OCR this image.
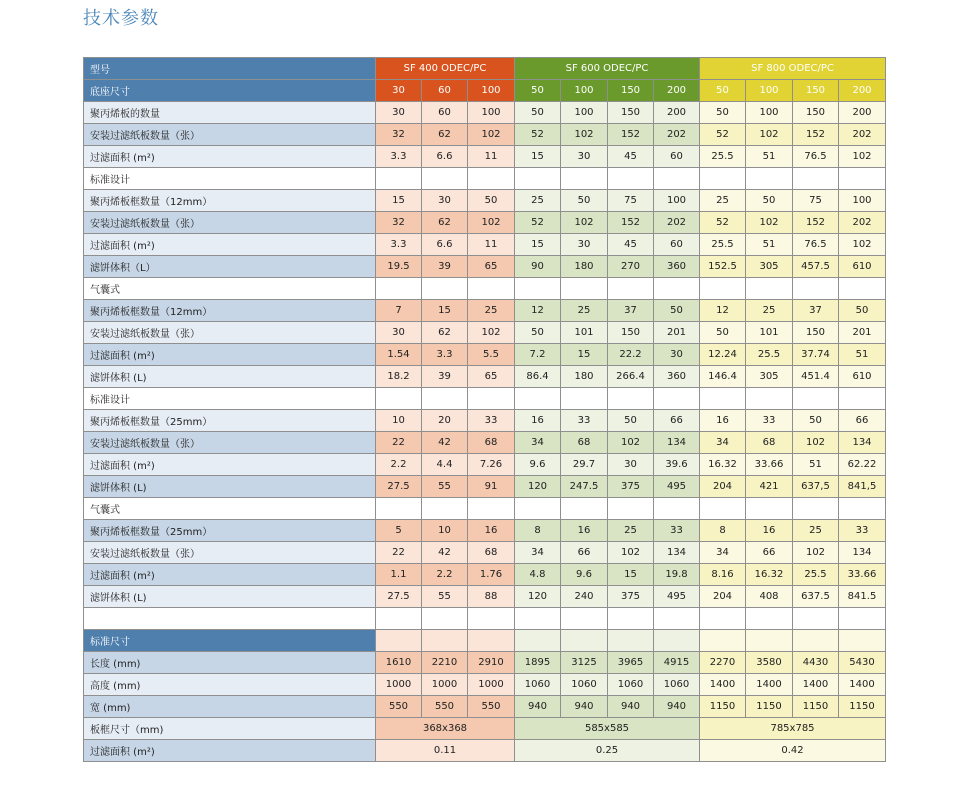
技术参数
型号	SF 400 ODEC/PC			SF 600 ODEC/PC				SF 800 ODEC/PC			
底座尺寸	30	60	100	50	100	150	200	50	100	150	200
聚丙烯板的数量	30	60	100	50	100	150	200	50	100	150	200
安装过滤纸板数量（张）	32	62	102	52	102	152	202	52	102	152	202
过滤面积 (m²)	3.3	6.6	11	15	30	45	60	25.5	51	76.5	102
标准设计											
聚丙烯板框数量（12mm）	15	30	50	25	50	75	100	25	50	75	100
安装过滤纸板数量（张）	32	62	102	52	102	152	202	52	102	152	202
过滤面积 (m²)	3.3	6.6	11	15	30	45	60	25.5	51	76.5	102
滤饼体积（L）	19.5	39	65	90	180	270	360	152.5	305	457.5	610
气囊式											
聚丙烯板框数量（12mm）	7	15	25	12	25	37	50	12	25	37	50
安装过滤纸板数量（张）	30	62	102	50	101	150	201	50	101	150	201
过滤面积 (m²)	1.54	3.3	5.5	7.2	15	22.2	30	12.24	25.5	37.74	51
滤饼体积 (L)	18.2	39	65	86.4	180	266.4	360	146.4	305	451.4	610
标准设计											
聚丙烯板框数量（25mm）	10	20	33	16	33	50	66	16	33	50	66
安装过滤纸板数量（张）	22	42	68	34	68	102	134	34	68	102	134
过滤面积 (m²)	2.2	4.4	7.26	9.6	29.7	30	39.6	16.32	33.66	51	62.22
滤饼体积 (L)	27.5	55	91	120	247.5	375	495	204	421	637,5	841,5
气囊式											
聚丙烯板框数量（25mm）	5	10	16	8	16	25	33	8	16	25	33
安装过滤纸板数量（张）	22	42	68	34	66	102	134	34	66	102	134
过滤面积 (m²)	1.1	2.2	1.76	4.8	9.6	15	19.8	8.16	16.32	25.5	33.66
滤饼体积 (L)	27.5	55	88	120	240	375	495	204	408	637.5	841.5

标准尺寸											
长度 (mm)	1610	2210	2910	1895	3125	3965	4915	2270	3580	4430	5430
高度 (mm)	1000	1000	1000	1060	1060	1060	1060	1400	1400	1400	1400
宽 (mm)	550	550	550	940	940	940	940	1150	1150	1150	1150
板框尺寸（mm)	368x368			585x585				785x785			
过滤面积 (m²)	0.11			0.25				0.42			
